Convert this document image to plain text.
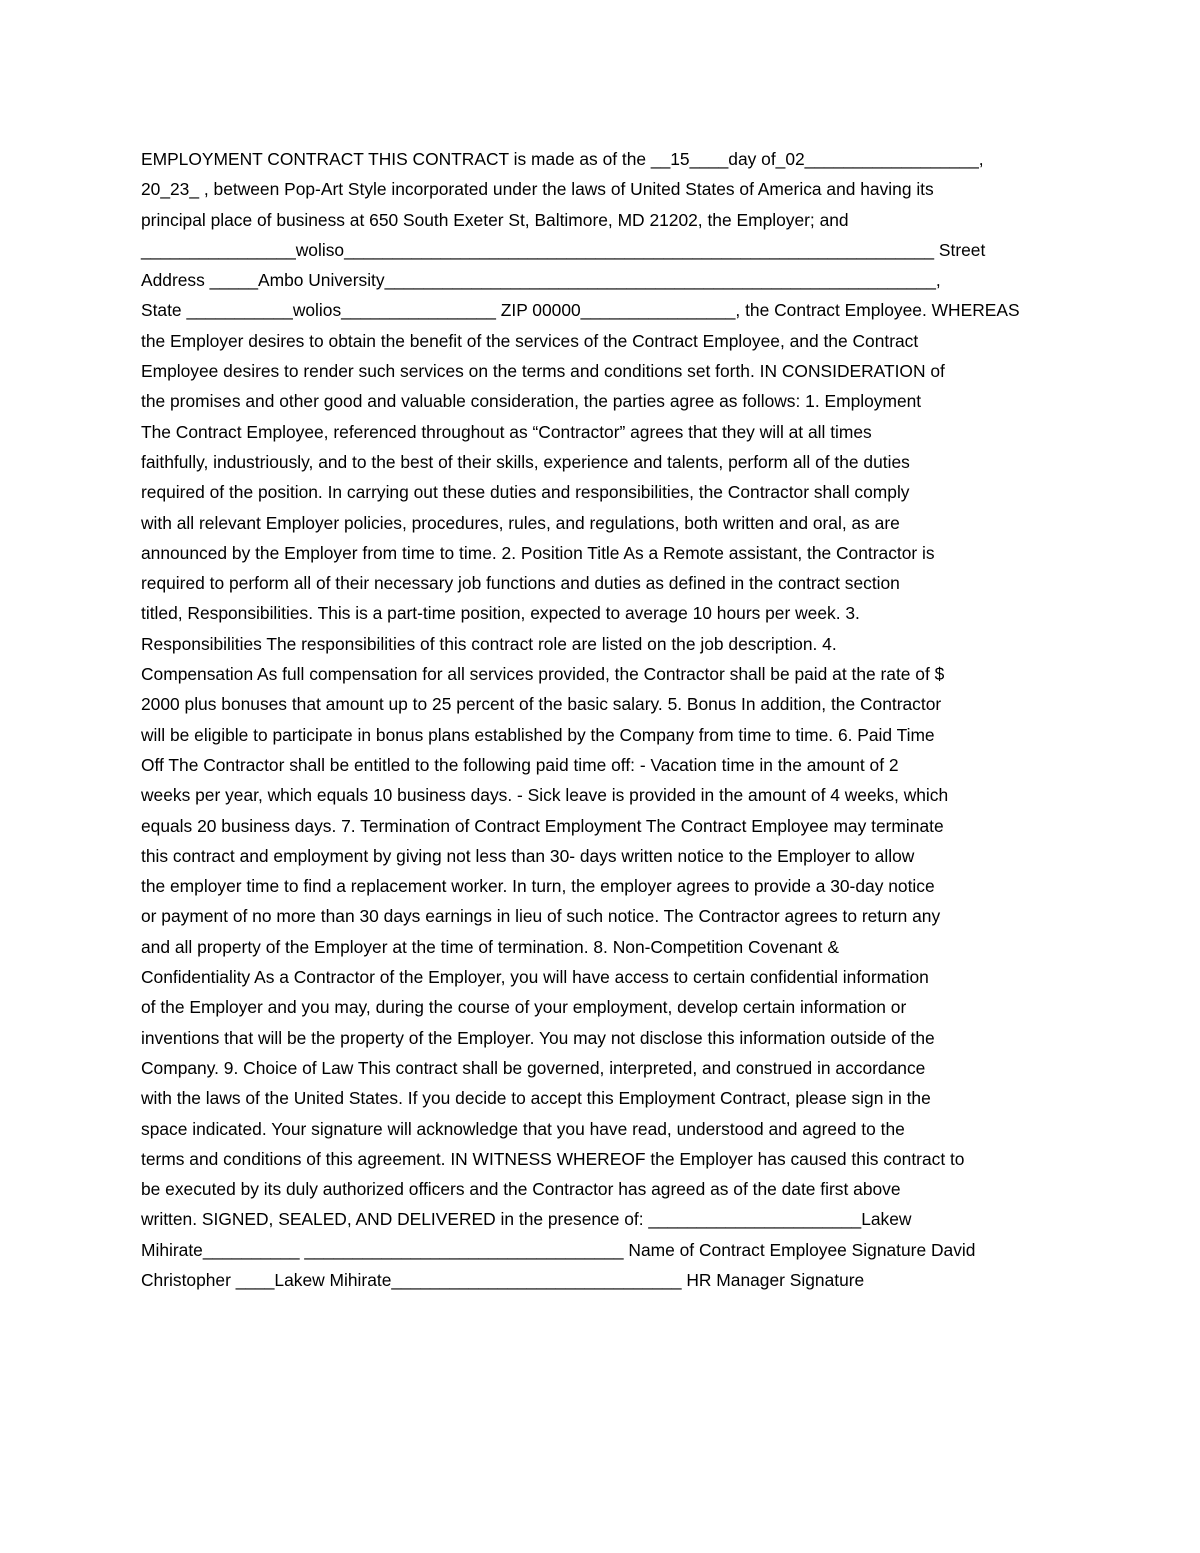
EMPLOYMENT CONTRACT THIS CONTRACT is made as of the __15____day of_02__________________,
20_23_ , between Pop-Art Style incorporated under the laws of United States of America and having its
principal place of business at 650 South Exeter St, Baltimore, MD 21202, the Employer; and
________________woliso_____________________________________________________________ Street
Address _____Ambo University_________________________________________________________,
State ___________wolios________________ ZIP 00000________________, the Contract Employee. WHEREAS
the Employer desires to obtain the benefit of the services of the Contract Employee, and the Contract
Employee desires to render such services on the terms and conditions set forth. IN CONSIDERATION of
the promises and other good and valuable consideration, the parties agree as follows: 1. Employment
The Contract Employee, referenced throughout as “Contractor” agrees that they will at all times
faithfully, industriously, and to the best of their skills, experience and talents, perform all of the duties
required of the position. In carrying out these duties and responsibilities, the Contractor shall comply
with all relevant Employer policies, procedures, rules, and regulations, both written and oral, as are
announced by the Employer from time to time. 2. Position Title As a Remote assistant, the Contractor is
required to perform all of their necessary job functions and duties as defined in the contract section
titled, Responsibilities. This is a part-time position, expected to average 10 hours per week. 3.
Responsibilities The responsibilities of this contract role are listed on the job description. 4.
Compensation As full compensation for all services provided, the Contractor shall be paid at the rate of $
2000 plus bonuses that amount up to 25 percent of the basic salary. 5. Bonus In addition, the Contractor
will be eligible to participate in bonus plans established by the Company from time to time. 6. Paid Time
Off The Contractor shall be entitled to the following paid time off: - Vacation time in the amount of 2
weeks per year, which equals 10 business days. - Sick leave is provided in the amount of 4 weeks, which
equals 20 business days. 7. Termination of Contract Employment The Contract Employee may terminate
this contract and employment by giving not less than 30- days written notice to the Employer to allow
the employer time to find a replacement worker. In turn, the employer agrees to provide a 30-day notice
or payment of no more than 30 days earnings in lieu of such notice. The Contractor agrees to return any
and all property of the Employer at the time of termination. 8. Non-Competition Covenant &
Confidentiality As a Contractor of the Employer, you will have access to certain confidential information
of the Employer and you may, during the course of your employment, develop certain information or
inventions that will be the property of the Employer. You may not disclose this information outside of the
Company. 9. Choice of Law This contract shall be governed, interpreted, and construed in accordance
with the laws of the United States. If you decide to accept this Employment Contract, please sign in the
space indicated. Your signature will acknowledge that you have read, understood and agreed to the
terms and conditions of this agreement. IN WITNESS WHEREOF the Employer has caused this contract to
be executed by its duly authorized officers and the Contractor has agreed as of the date first above
written. SIGNED, SEALED, AND DELIVERED in the presence of: ______________________Lakew
Mihirate__________ _________________________________ Name of Contract Employee Signature David
Christopher ____Lakew Mihirate______________________________ HR Manager Signature
